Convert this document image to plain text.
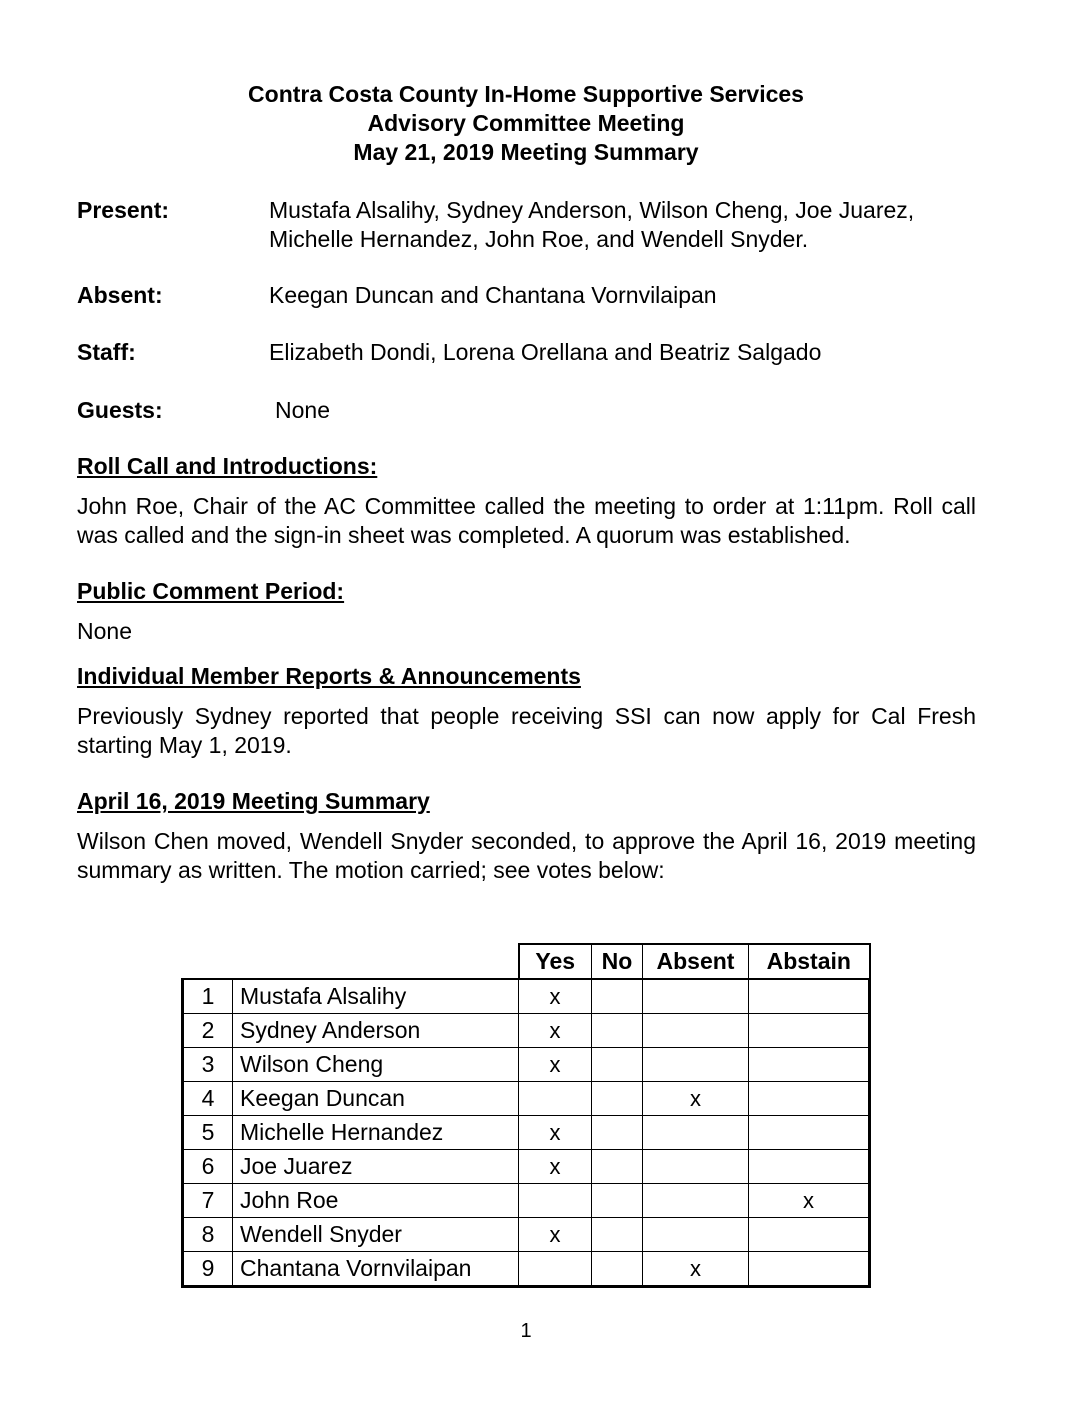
Contra Costa County In-Home Supportive Services
Advisory Committee Meeting
May 21, 2019 Meeting Summary
Present:	Mustafa Alsalihy, Sydney Anderson, Wilson Cheng, Joe Juarez,
Michelle Hernandez, John Roe, and Wendell Snyder.
Absent:	Keegan Duncan and Chantana Vornvilaipan
Staff:	Elizabeth Dondi, Lorena Orellana and Beatriz Salgado
Guests:	None
Roll Call and Introductions:
John Roe, Chair of the AC Committee called the meeting to order at 1:11pm. Roll call was called and the sign-in sheet was completed. A quorum was established.
Public Comment Period:
None
Individual Member Reports & Announcements
Previously Sydney reported that people receiving SSI can now apply for Cal Fresh starting May 1, 2019.
April 16, 2019 Meeting Summary
Wilson Chen moved, Wendell Snyder seconded, to approve the April 16, 2019 meeting summary as written. The motion carried; see votes below:
		Yes	No	Absent	Abstain
1	Mustafa Alsalihy	x			
2	Sydney Anderson	x			
3	Wilson Cheng	x			
4	Keegan Duncan			x	
5	Michelle Hernandez	x			
6	Joe Juarez	x			
7	John Roe				x
8	Wendell Snyder	x			
9	Chantana Vornvilaipan			x	
1
